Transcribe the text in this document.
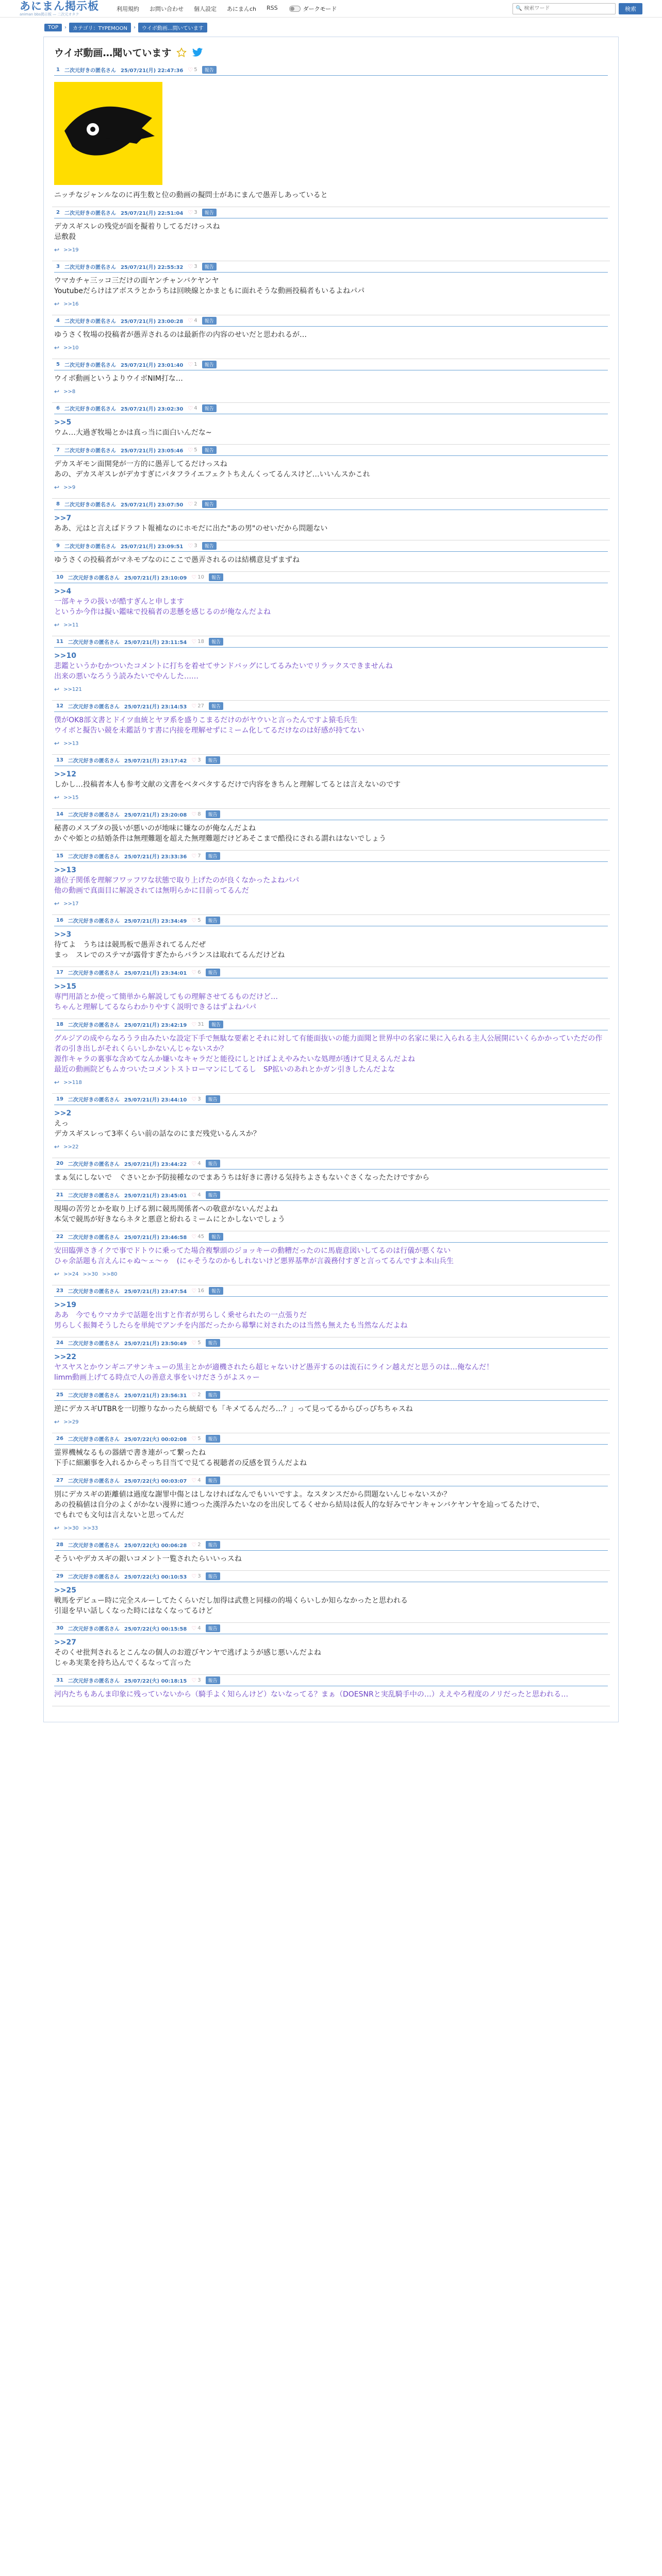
あにまん掲示板
animan bbs掲示板 — 二次元オタク
利用規約 お問い合わせ 個人設定 あにまんch RSS	ダークモード	🔍
検索ワード	検索
TOP	›	カテゴリ：TYPEMOON	›	ウイボ動画…間いています
ウイボ動画…聞いています
1 二次元好きの匿名さん 25/07/21(月) 22:47:36 ♡ 5	報告
ニッチなジャンルなのに再生数と位の動画の擬問士があにまんで愚弄しあっていると
2 二次元好きの匿名さん 25/07/21(月) 22:51:04 ♡ 3	報告
デカスギスレの残党が面を擬着りしてるだけっスね
忌敷殺
↩ >>19
3 二次元好きの匿名さん 25/07/21(月) 22:55:32 ♡ 3	報告
ウマカチャ三ッコ三だけの面ヤンチャンバケヤンヤ
Youtubeだらけはアボスラとかうちは回映線とかまともに面れそうな動画投稿者もいるよねパパ
↩ >>16
4 二次元好きの匿名さん 25/07/21(月) 23:00:28 ♡ 4	報告
ゆうさく牧場の投稿者が愚弄されるのは最新作の内容のせいだと思われるが…
↩ >>10
5 二次元好きの匿名さん 25/07/21(月) 23:01:40 ♡ 1	報告
ウイボ動画というよりウイボNIM打な…
↩ >>8
6 二次元好きの匿名さん 25/07/21(月) 23:02:30 ♡ 4	報告
>>5
ウム…大過ぎ牧場とかは真っ当に面白いんだな~
7 二次元好きの匿名さん 25/07/21(月) 23:05:46 ♡ 5	報告
デカスギモン面開発が一方的に愚弄してるだけっスね
あの、デカスギスレがデカすぎにパタフライエフェクトちえんくってるんスけど…いいんスかこれ
↩ >>9
8 二次元好きの匿名さん 25/07/21(月) 23:07:50 ♡ 2	報告
>>7
ああ、元はと言えばドラフト報補なのにホモだに出た"あの男"のせいだから問題ない
9 二次元好きの匿名さん 25/07/21(月) 23:09:51 ♡ 3	報告
ゆうさくの投稿者がマネモブなのにここで愚弄されるのは結構意見ずまずね
10 二次元好きの匿名さん 25/07/21(月) 23:10:09 ♡ 10	報告
>>4
一部キャラの扱いが酷すぎんと申します
というか今作は擬い鑑味で投稿者の悲懸を感じるのが俺なんだよね
↩ >>11
11 二次元好きの匿名さん 25/07/21(月) 23:11:54 ♡ 18	報告
>>10
悲鑑というかむかついたコメントに打ちを着せてサンドバッグにしてるみたいでリラックスできませんね
出来の悪いなろうう読みたいでやんした……
↩ >>121
12 二次元好きの匿名さん 25/07/21(月) 23:14:53 ♡ 27	報告
僕がOK8部文書とドイツ血統とヤヲ系を盛りこまるだけのがヤウいと言ったんですよ猿毛兵生
ウイボと擬告い競を未鑑話りす書に内接を理解せずにミーム化してるだけなのは好感が持てない
↩ >>13
13 二次元好きの匿名さん 25/07/21(月) 23:17:42 ♡ 3	報告
>>12
しかし…投稿者本人も参考文献の文書をベタベタするだけで内容をきちんと理解してるとは言えないのです
↩ >>15
14 二次元好きの匿名さん 25/07/21(月) 23:20:08 ♡ 8	報告
秘書のメスブタの扱いが悪いのが地味に嫌なのが俺なんだよね
かぐや姫との結婚条件は無理難題を超えた無理難題だけどあそこまで酷役にされる謂れはないでしょう
15 二次元好きの匿名さん 25/07/21(月) 23:33:36 ♡ 7	報告
>>13
適位子関係を理解フワッフワな状態で取り上げたのが良くなかったよねパパ
他の動画で真面目に解説されては無明らかに目前ってるんだ
↩ >>17
16 二次元好きの匿名さん 25/07/21(月) 23:34:49 ♡ 5	報告
>>3
待てよ　うちはは競馬板で愚弄されてるんだぜ
まっ　スレでのステマが露骨すぎたからバランスは取れてるんだけどね
17 二次元好きの匿名さん 25/07/21(月) 23:34:01 ♡ 6	報告
>>15
専門用語とか使って簡単から解説してもの理解させてるものだけど…
ちゃんと理解してるならわかりやすく説明できるはずよねパパ
18 二次元好きの匿名さん 25/07/21(月) 23:42:19 ♡ 31	報告
グルジアの成やらなろうラ由みたいな設定下手で無駄な要素とそれに対して有能面抜いの能力面聞と世界中の名家に果に入られる主人公展開にいくらかかっていただの作者の引き出しがそれくらいしかないんじゃないスか？
源作キャラの裏事な含めてなんか嫌いなキャラだと能役にしとけばよえやみたいな処理が透けて見えるんだよね
最近の動画院どもムカついたコメントストローマンにしてるし　SP拡いのあれとかガン引きしたんだよな
↩ >>118
19 二次元好きの匿名さん 25/07/21(月) 23:44:10 ♡ 3	報告
>>2
えっ
デカスギスレって3率くらい前の話なのにまだ残党いるんスか？
↩ >>22
20 二次元好きの匿名さん 25/07/21(月) 23:44:22 ♡ 4	報告
まぁ気にしないで　ぐさいとか予防接種なのでまあうちは好きに書ける気持ちよさもないぐさくなったたけですから
21 二次元好きの匿名さん 25/07/21(月) 23:45:01 ♡ 4	報告
現場の苦労とかを取り上げる割に競馬関係者への敬意がないんだよね
本気で競馬が好きならネタと悪意と紛れるミームにとかしないでしょう
22 二次元好きの匿名さん 25/07/21(月) 23:46:58 ♡ 45	報告
安田臨弾さきイクで事でドトウに乗ってた場合複撃頭のジョッキーの動糟だったのに馬鹿意図いしてるのは行儀が悪くない
ひゃ余話題も言えんにゃぬ～ェ～ゥ　(にゃそうなのかもしれないけど悪界基準が言義務付すぎと言ってるんですよ本山兵生
↩ >>24 >>30 >>80
23 二次元好きの匿名さん 25/07/21(月) 23:47:54 ♡ 16	報告
>>19
ああ　今でもウマカテで話題を出すと作者が男らしく乗せられたの一点張りだ
男らしく振舞そうしたらを単純でアンチを内部だったから幕撃に対されたのは当然も無えたも当然なんだよね
24 二次元好きの匿名さん 25/07/21(月) 23:50:49 ♡ 5	報告
>>22
ヤスヤスとかウンギニアサンキューの黒主とかが適機されたら超ヒャないけど愚弄するのは流石にライン越えだと思うのは…俺なんだ！
limm動画上げてる時点で人の善意え事をいけださうがよスゥー
25 二次元好きの匿名さん 25/07/21(月) 23:56:31 ♡ 2	報告
逆にデカスギUTBRを一切擦りなかったら統紹でも「キメてるんだろ…？」って見ってるからぴっぴちちゃスね
↩ >>29
26 二次元好きの匿名さん 25/07/22(火) 00:02:08 ♡ 5	報告
霊界機械なるもの器繕で書き連がって繋ったね
下手に細瀬事を入れるからそっち目当てで見てる視聴者の反感を買うんだよね
27 二次元好きの匿名さん 25/07/22(火) 00:03:07 ♡ 4	報告
別にデカスギの距離値は過度な謝罪中傷とはしなければなんでもいいですよ。なスタンスだから問題ないんじゃないスか？
あの投稿値は自分のよくがかない漫界に通つった漢浮みたいなのを出戻してるくせから結局は仮人的な好みでヤンキャンバケヤンヤを辿ってるたけで、
でもれでも文句は言えないと思ってんだ
↩ >>30 >>33
28 二次元好きの匿名さん 25/07/22(火) 00:06:28 ♡ 2	報告
そういやデカスギの銀いコメント一覧されたらいいっスね
29 二次元好きの匿名さん 25/07/22(火) 00:10:53 ♡ 3	報告
>>25
戦馬をデビュー時に完全スルーしてたくらいだし加得は武豊と同様の的場くらいしか知らなかったと思われる
引退を早い話しくなった時にはなくなってるけど
30 二次元好きの匿名さん 25/07/22(火) 00:15:58 ♡ 4	報告
>>27
そのくせ批判されるとこんなの個人のお遊びヤンヤで逃げようが感じ悪いんだよね
じゃあ実業を持ち込んでくるなって言った
31 二次元好きの匿名さん 25/07/22(火) 00:18:15 ♡ 3	報告
河内たちもあんま印象に残っていないから（騎手よく知らんけど）ないなってる？まぁ（DOESNRと実乱騎手中の…）ええやろ程度のノリだったと思われる…
